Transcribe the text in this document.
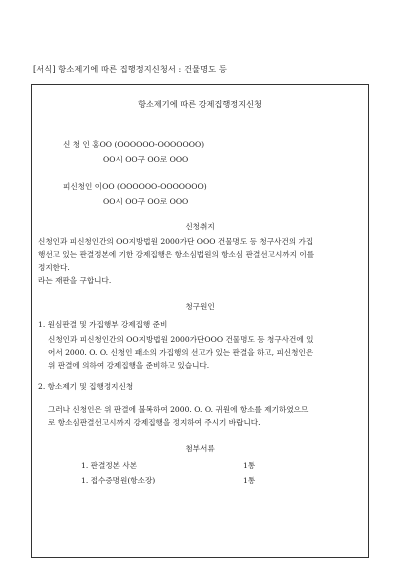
[서식] 항소제기에 따른 집행정지신청서 : 건물명도 등
항소제기에 따른 강제집행정지신청
신 청 인 홍OO (OOOOOO-OOOOOOO)
OO시 OO구 OO로 OOO
피신청인 이OO (OOOOOO-OOOOOOO)
OO시 OO구 OO로 OOO
신청취지
신청인과 피신청인간의 OO지방법원 2000가단 OOO 건물명도 등 청구사건의 가집
행선고 있는 판결정본에 기한 강제집행은 항소심법원의 항소심 판결선고시까지 이를
정지한다.
라는 재판을 구합니다.
청구원인
1. 원심판결 및 가집행부 강제집행 준비
신청인과 피신청인간의 OO지방법원 2000가단OOO 건물명도 등 청구사건에 있
어서 2000. O. O. 신청인 패소의 가집행의 선고가 있는 판결을 하고, 피신청인은
위 판결에 의하여 강제집행을 준비하고 있습니다.
2. 항소제기 및 집행정지신청
그러나 신청인은 위 판결에 불복하여 2000. O. O. 귀원에 항소를 제기하였으므
로 항소심판결선고시까지 강제집행을 정지하여 주시기 바랍니다.
첨부서류
1. 판결정본 사본	1통
1. 접수증명원(항소장)	1통
